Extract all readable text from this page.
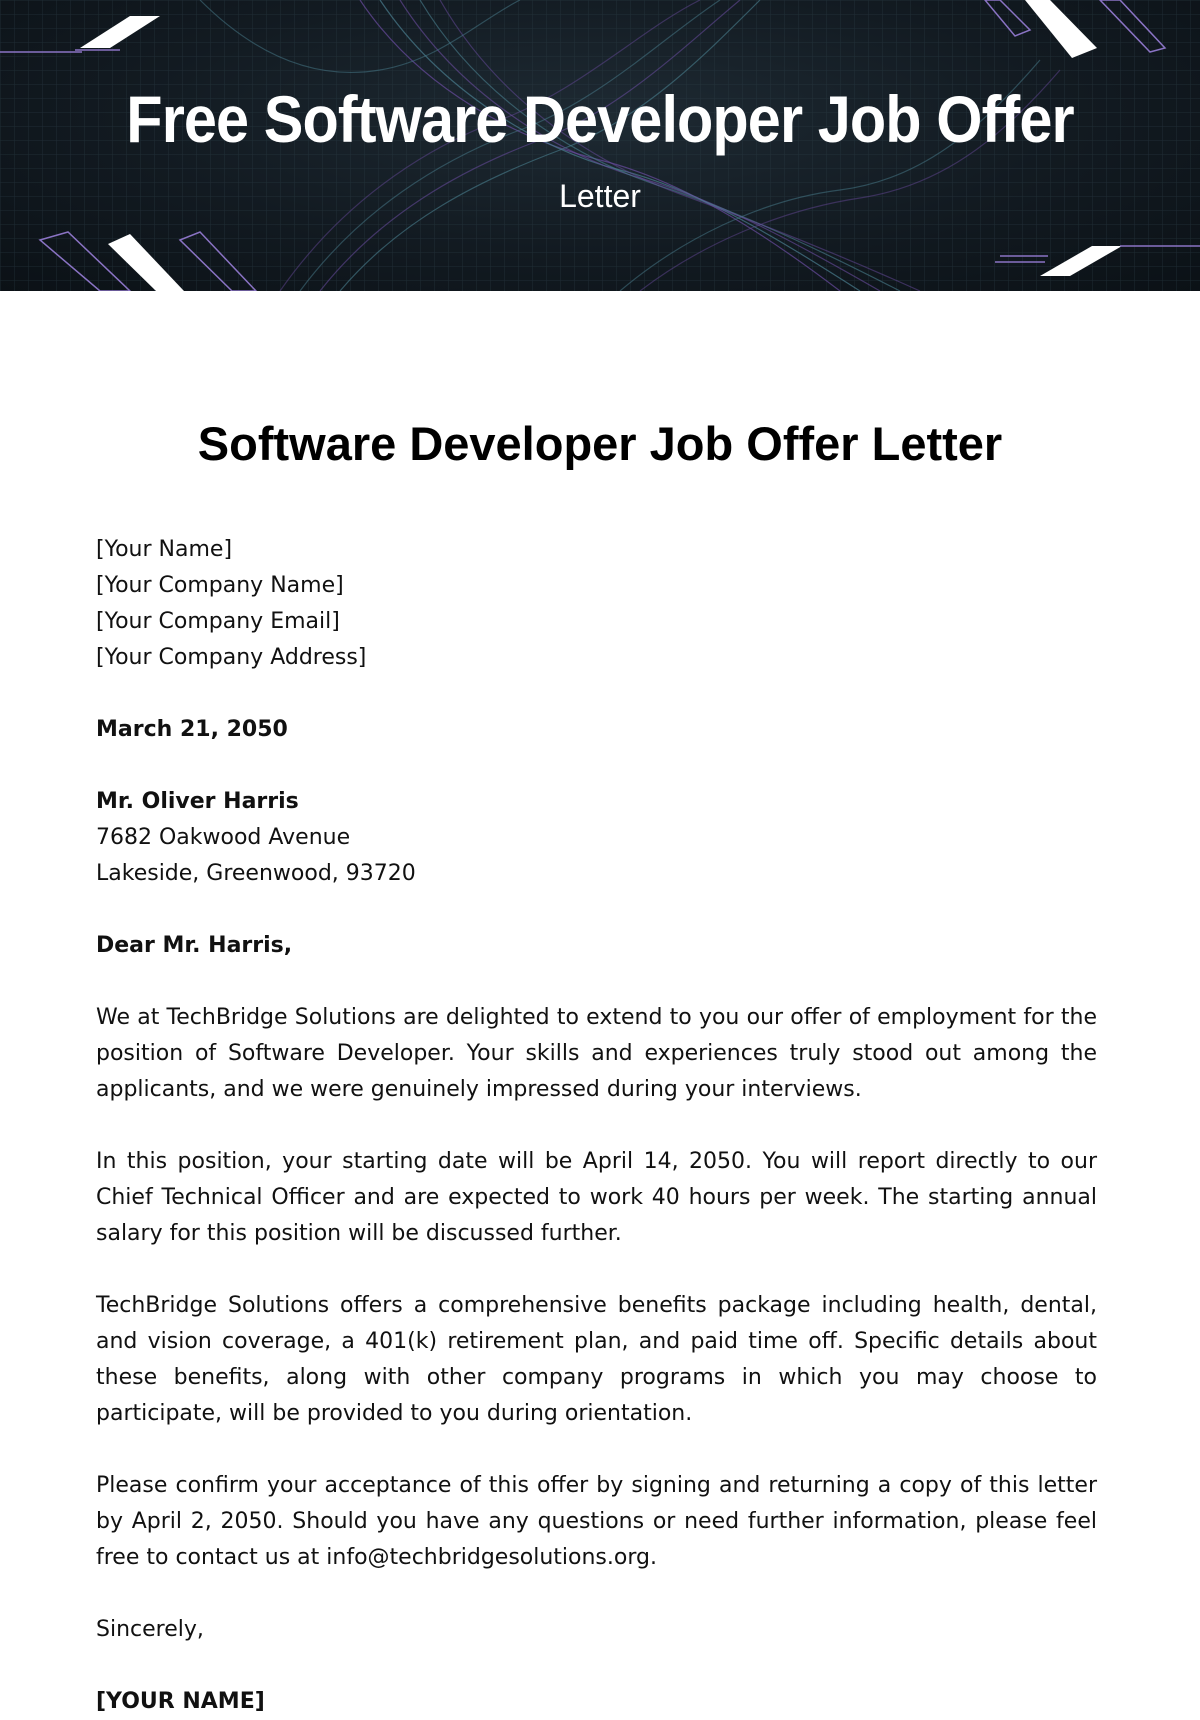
Free Software Developer Job Offer
Letter
Software Developer Job Offer Letter
[Your Name]
[Your Company Name]
[Your Company Email]
[Your Company Address]
March 21, 2050
Mr. Oliver Harris
7682 Oakwood Avenue
Lakeside, Greenwood, 93720
Dear Mr. Harris,

We at TechBridge Solutions are delighted to extend to you our offer of employment for the position of Software Developer. Your skills and experiences truly stood out among the applicants, and we were genuinely impressed during your interviews.

In this position, your starting date will be April 14, 2050. You will report directly to our Chief Technical Officer and are expected to work 40 hours per week. The starting annual salary for this position will be discussed further.

TechBridge Solutions offers a comprehensive benefits package including health, dental, and vision coverage, a 401(k) retirement plan, and paid time off. Specific details about these benefits, along with other company programs in which you may choose to participate, will be provided to you during orientation.

Please confirm your acceptance of this offer by signing and returning a copy of this letter by April 2, 2050. Should you have any questions or need further information, please feel free to contact us at info@techbridgesolutions.org.

Sincerely,
[YOUR NAME]
